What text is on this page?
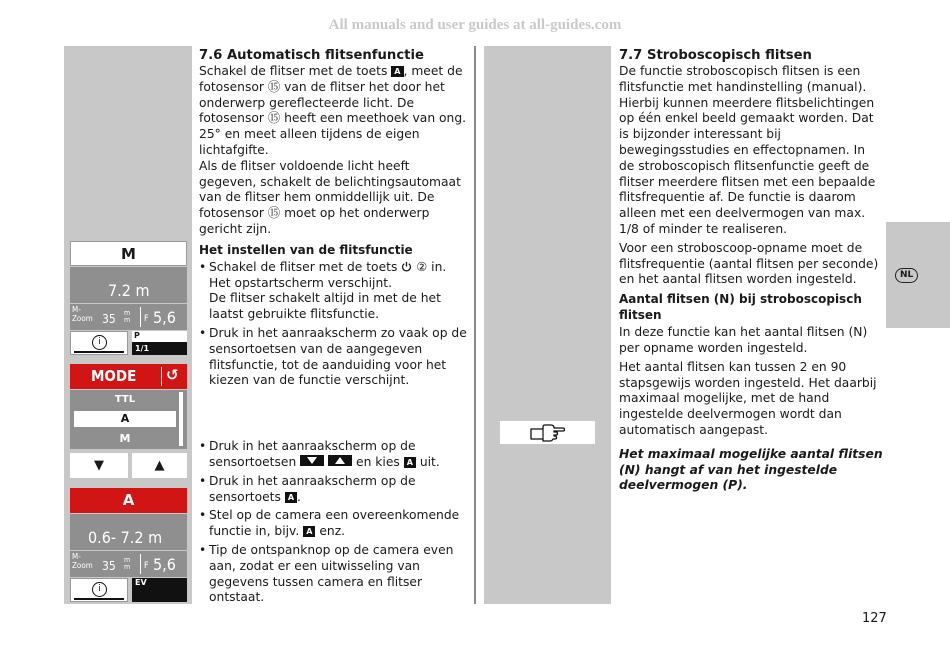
All manuals and user guides at all-guides.com
NL
M
7.2 m
M-
Zoom 35 m
m F 5,6
i
P
1/1
MODE ↺
TTL
A
M
▼	▲
A
0.6- 7.2 m
M-
Zoom 35 m
m F 5,6
i
EV
7.6 Automatisch flitsenfunctie
Schakel de flitser met de toets A , meet de fotosensor ⑮ van de flitser het door het onderwerp gereflecteerde licht. De fotosensor ⑮ heeft een meethoek van ong. 25° en meet alleen tijdens de eigen lichtafgifte.
Als de flitser voldoende licht heeft gegeven, schakelt de belichtingsautomaat van de flitser hem onmiddellijk uit. De fotosensor ⑮ moet op het onderwerp gericht zijn.
Het instellen van de flitsfunctie
• Schakel de flitser met de toets ② in. Het opstartscherm verschijnt.
De flitser schakelt altijd in met de het laatst gebruikte flitsfunctie.
• Druk in het aanraakscherm zo vaak op de sensortoetsen van de aangegeven flitsfunctie, tot de aanduiding voor het kiezen van de functie verschijnt.
• Druk in het aanraakscherm op de sensortoetsen
	en kies A uit.
• Druk in het aanraakscherm op de sensortoets A .
• Stel op de camera een overeenkomende functie in, bijv. A enz.
• Tip de ontspanknop op de camera even aan, zodat er een uitwisseling van gegevens tussen camera en flitser ontstaat.
7.7 Stroboscopisch flitsen
De functie stroboscopisch flitsen is een flitsfunctie met handinstelling (manual). Hierbij kunnen meerdere flitsbelichtingen op één enkel beeld gemaakt worden. Dat is bijzonder interessant bij bewegingsstudies en effectopnamen. In de stroboscopisch flitsenfunctie geeft de flitser meerdere flitsen met een bepaalde flitsfrequentie af. De functie is daarom alleen met een deelvermogen van max. 1/8 of minder te realiseren.
Voor een stroboscoop-opname moet de flitsfrequentie (aantal flitsen per seconde) en het aantal flitsen worden ingesteld.
Aantal flitsen (N) bij stroboscopisch flitsen
In deze functie kan het aantal flitsen (N) per opname worden ingesteld.
Het aantal flitsen kan tussen 2 en 90 stapsgewijs worden ingesteld. Het daarbij maximaal mogelijke, met de hand ingestelde deelvermogen wordt dan automatisch aangepast.
Het maximaal mogelijke aantal flitsen (N) hangt af van het ingestelde deelvermogen (P).
127
